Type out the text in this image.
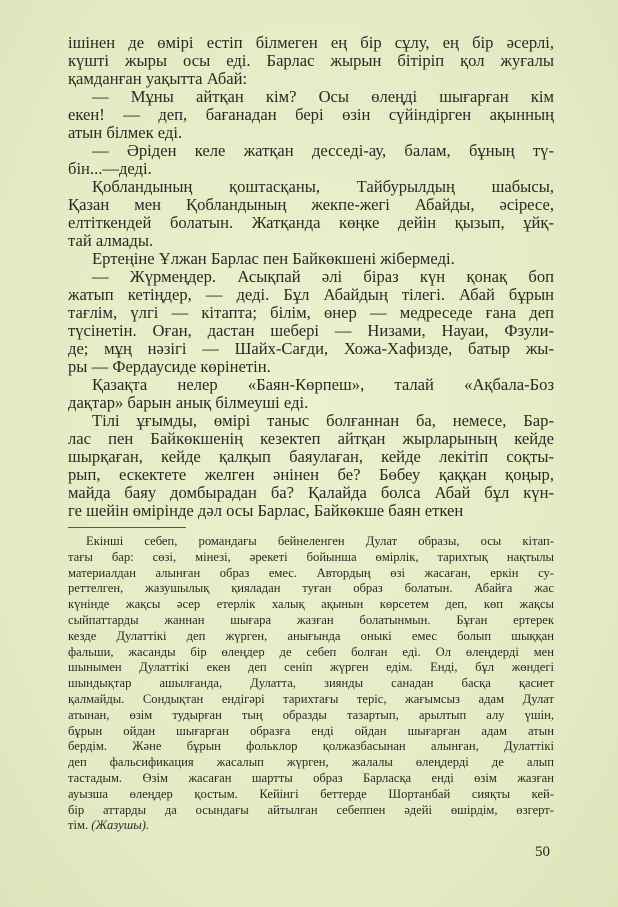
ішінен де өмірі естіп білмеген ең бір сұлу, ең бір әсерлі,
күшті жыры осы еді. Барлас жырын бітіріп қол жуғалы
қамданған уақытта Абай:
— Мұны айтқан кім? Осы өлеңді шығарған кім
екен! — деп, бағанадан бері өзін сүйіндірген ақынның
атын білмек еді.
— Әріден келе жатқан десседі-ау, балам, бұның тү-
бін...—деді.
Қобландының қоштасқаны, Тайбурылдың шабысы,
Қазан мен Қобландының жекпе-жегі Абайды, әсіресе,
елтіткендей болатын. Жатқанда көңке дейін қызып, ұйқ-
тай алмады.
Ертеңіне Ұлжан Барлас пен Байкөкшені жібермеді.
— Жүрмеңдер. Асықпай әлі біраз күн қонақ боп
жатып кетіңдер, — деді. Бұл Абайдың тілегі. Абай бұрын
тағлім, үлгі — кітапта; білім, өнер — медреседе ғана деп
түсінетін. Оған, дастан шебері — Низами, Науаи, Фзули-
де; мұң нәзігі — Шайх-Сағди, Хожа-Хафизде, батыр жы-
ры — Фердаусиде көрінетін.
Қазақта нелер «Баян-Көрпеш», талай «Ақбала-Боз
дақтар» барын анық білмеуші еді.
Тілі ұғымды, өмірі таныс болғаннан ба, немесе, Бар-
лас пен Байкөкшенің кезектеп айтқан жырларының кейде
шырқаған, кейде қалқып баяулаған, кейде лекітіп соқты-
рып, ескектете желген әнінен бе? Бөбеу қаққан қоңыр,
майда баяу домбырадан ба? Қалайда болса Абай бұл күн-
ге шейін өмірінде дәл осы Барлас, Байкөкше баян еткен
Екінші себеп, романдағы бейнеленген Дулат образы, осы кітап-
тағы бар: сөзі, мінезі, әрекеті бойынша өмірлік, тарихтық нақтылы
материалдан алынған образ емес. Автордың өзі жасаған, еркін су-
реттелген, жазушылық қияладан туған образ болатын. Абайға жас
күнінде жақсы әсер етерлік халық ақынын көрсетем деп, көп жақсы
сыйпаттарды жаннан шығара жазған болатынмын. Бұған ертерек
кезде Дулаттікі деп жүрген, анығында оныкі емес болып шыққан
фальши, жасанды бір өлеңдер де себеп болған еді. Ол өлеңдерді мен
шынымен Дулаттікі екен деп сеніп жүрген едім. Енді, бұл жөндегі
шындықтар ашылғанда, Дулатта, зиянды санадан басқа қасиет
қалмайды. Сондықтан ендігәрі тарихтағы теріс, жағымсыз адам Дулат
атынан, өзім тудырған тың образды тазартып, арылтып алу үшін,
бұрын ойдан шығарған образға енді ойдан шығарған адам атын
бердім. Және бұрын фольклор қолжазбасынан алынған, Дулаттікі
деп фальсификация жасалып жүрген, жалалы өлеңдерді де алып
тастадым. Өзім жасаған шартты образ Барласқа енді өзім жазған
ауызша өлеңдер қостым. Кейінгі беттерде Шортанбай сияқты кей-
бір аттарды да осындағы айтылған себеппен әдейі өшірдім, өзгерт-
тім. (Жазушы).
50
